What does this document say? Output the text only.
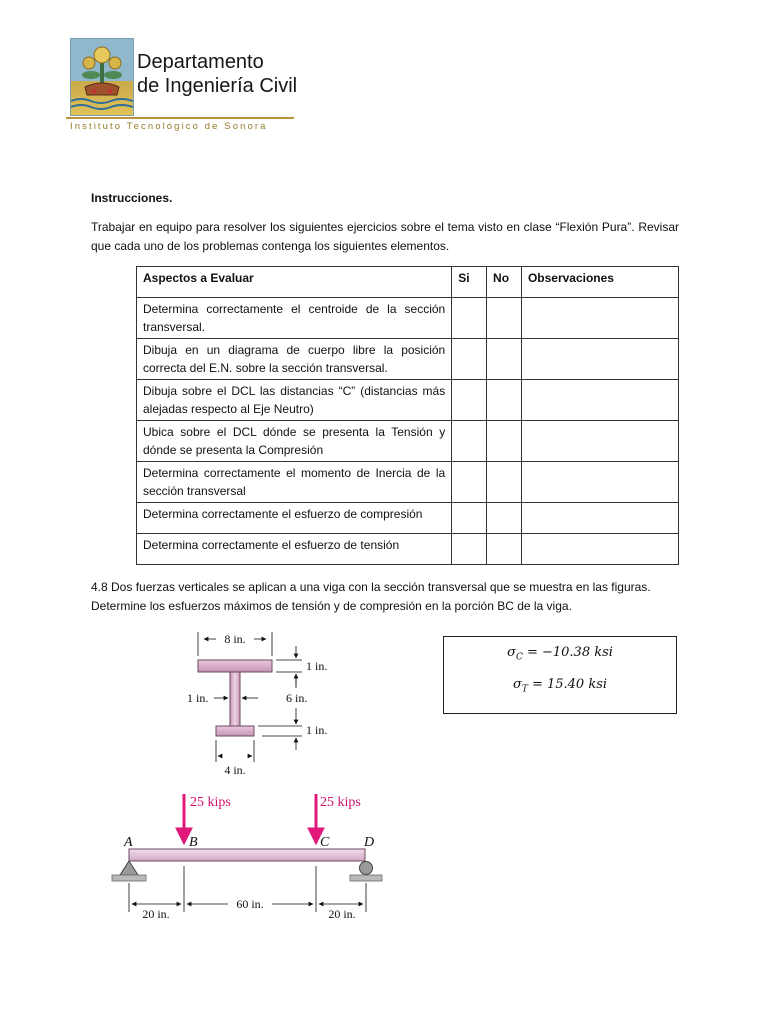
Departamento
de Ingeniería Civil
Instituto Tecnológico de Sonora
Instrucciones.
Trabajar en equipo para resolver los siguientes ejercicios sobre el tema visto en clase “Flexión Pura”. Revisar que cada uno de los problemas contenga los siguientes elementos.
Aspectos a Evaluar	Si	No	Observaciones
Determina correctamente el centroide de la sección transversal.			
Dibuja en un diagrama de cuerpo libre la posición correcta del E.N. sobre la sección transversal.			
Dibuja sobre el DCL las distancias “C” (distancias más alejadas respecto al Eje Neutro)			
Ubica sobre el DCL dónde se presenta la Tensión y dónde se presenta la Compresión			
Determina correctamente el momento de Inercia de la sección transversal			
Determina correctamente el esfuerzo de compresión			
Determina correctamente el esfuerzo de tensión			
4.8 Dos fuerzas verticales se aplican a una viga con la sección transversal que se muestra en las figuras. Determine los esfuerzos máximos de tensión y de compresión en la porción BC de la viga.
$\sigma_C = -10.38$ ksi
$\sigma_T = 15.40$ ksi
8 in.
1 in.
6 in.
1 in.
1 in.
4 in.
25 kips	25 kips
A	B	C D
20 in.
60 in.
20 in.
